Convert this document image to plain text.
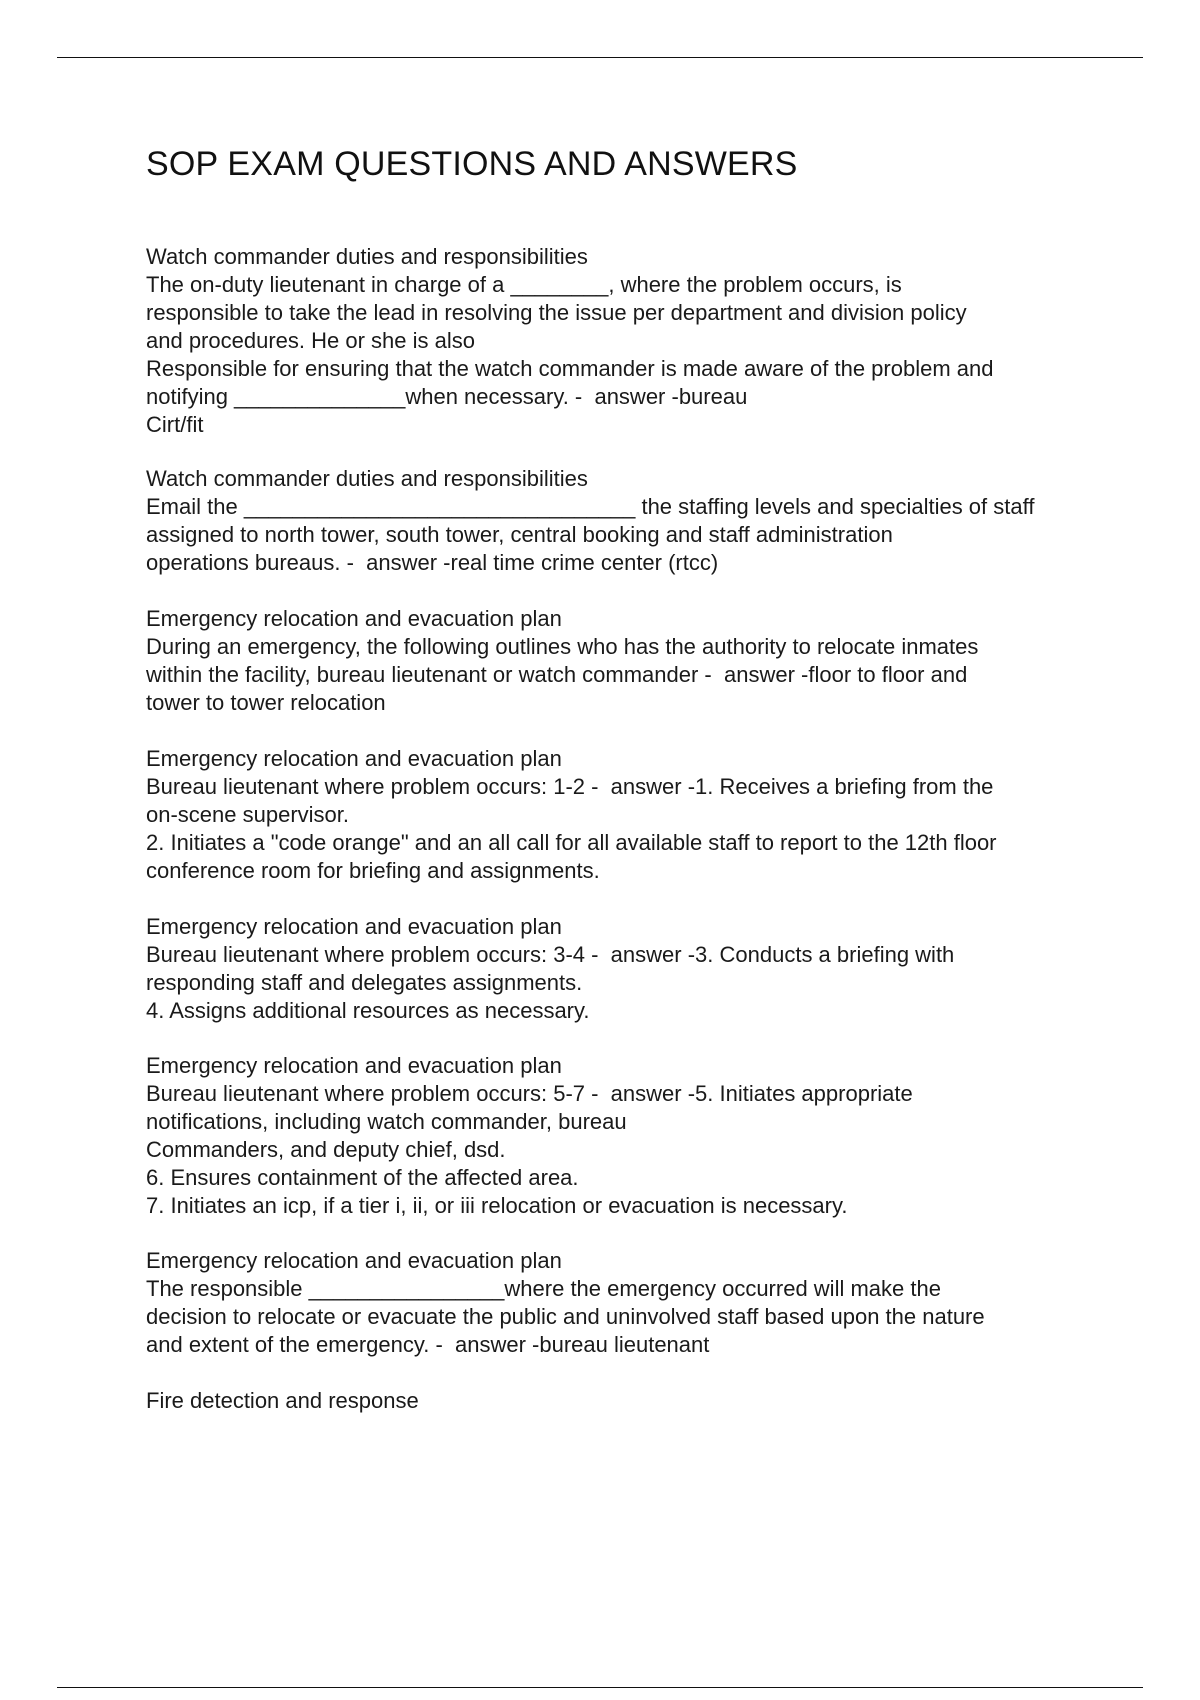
SOP EXAM QUESTIONS AND ANSWERS
Watch commander duties and responsibilities
The on-duty lieutenant in charge of a ________, where the problem occurs, is
responsible to take the lead in resolving the issue per department and division policy
and procedures. He or she is also
Responsible for ensuring that the watch commander is made aware of the problem and
notifying ______________when necessary. -  answer -bureau
Cirt/fit
Watch commander duties and responsibilities
Email the ________________________________ the staffing levels and specialties of staff
assigned to north tower, south tower, central booking and staff administration
operations bureaus. -  answer -real time crime center (rtcc)
Emergency relocation and evacuation plan
During an emergency, the following outlines who has the authority to relocate inmates
within the facility, bureau lieutenant or watch commander -  answer -floor to floor and
tower to tower relocation
Emergency relocation and evacuation plan
Bureau lieutenant where problem occurs: 1-2 -  answer -1. Receives a briefing from the
on-scene supervisor.
2. Initiates a "code orange" and an all call for all available staff to report to the 12th floor
conference room for briefing and assignments.
Emergency relocation and evacuation plan
Bureau lieutenant where problem occurs: 3-4 -  answer -3. Conducts a briefing with
responding staff and delegates assignments.
4. Assigns additional resources as necessary.
Emergency relocation and evacuation plan
Bureau lieutenant where problem occurs: 5-7 -  answer -5. Initiates appropriate
notifications, including watch commander, bureau
Commanders, and deputy chief, dsd.
6. Ensures containment of the affected area.
7. Initiates an icp, if a tier i, ii, or iii relocation or evacuation is necessary.
Emergency relocation and evacuation plan
The responsible ________________where the emergency occurred will make the
decision to relocate or evacuate the public and uninvolved staff based upon the nature
and extent of the emergency. -  answer -bureau lieutenant
Fire detection and response
